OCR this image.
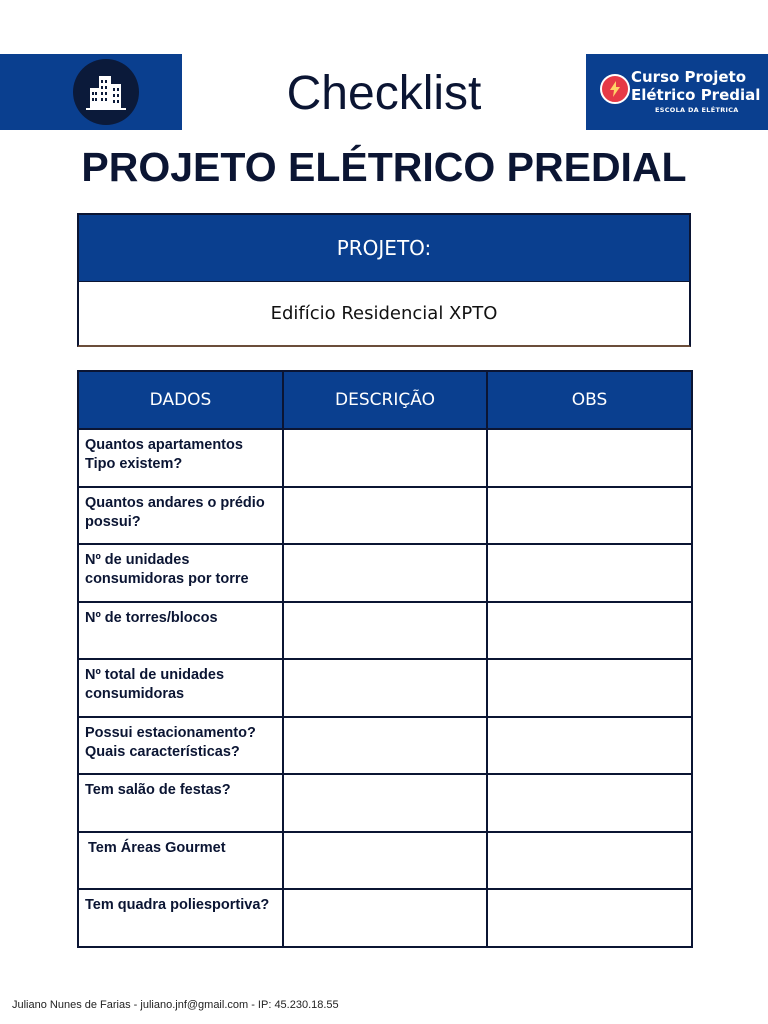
Checklist	Curso Projeto
Elétrico Predial
ESCOLA DA ELÉTRICA
PROJETO ELÉTRICO PREDIAL
PROJETO:
Edifício Residencial XPTO
DADOS	DESCRIÇÃO	OBS
Quantos apartamentos Tipo existem?		
Quantos andares o prédio possui?		
Nº de unidades consumidoras por torre		
Nº de torres/blocos		
Nº total de unidades consumidoras		
Possui estacionamento? Quais características?		
Tem salão de festas?		
Tem Áreas Gourmet		
Tem quadra poliesportiva?		
Juliano Nunes de Farias - juliano.jnf@gmail.com - IP: 45.230.18.55
